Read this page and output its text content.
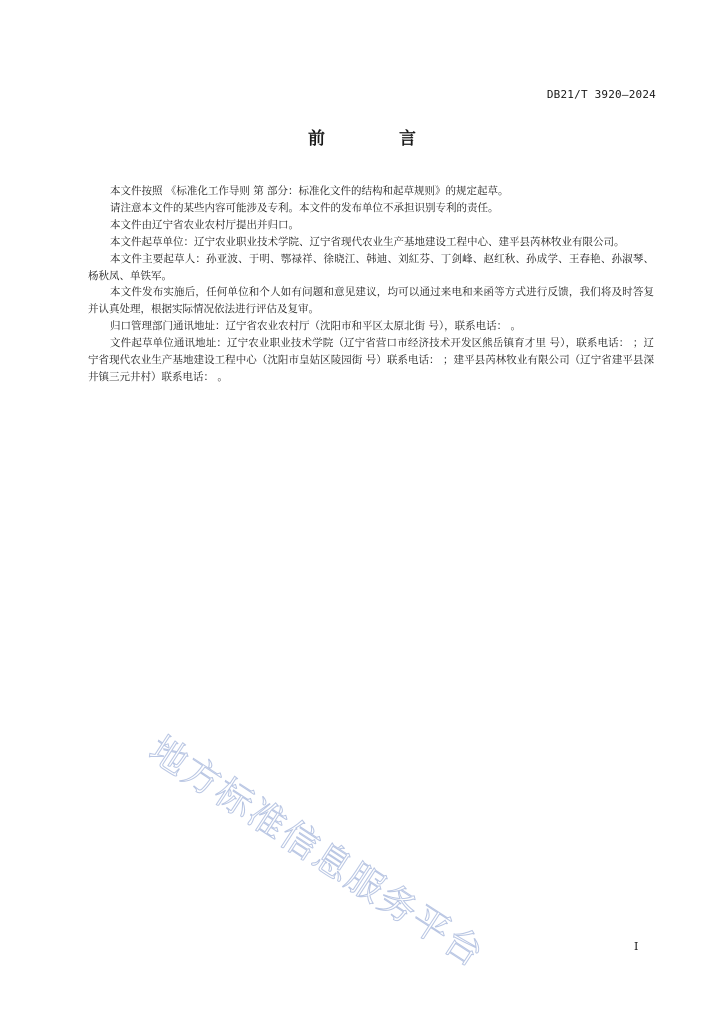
DB21/T 3920—2024
前 言

本文件按照 《标准化工作导则 第 部分：标准化文件的结构和起草规则》的规定起草。

请注意本文件的某些内容可能涉及专利。本文件的发布单位不承担识别专利的责任。

本文件由辽宁省农业农村厅提出并归口。

本文件起草单位：辽宁农业职业技术学院、辽宁省现代农业生产基地建设工程中心、建平县芮林牧业有限公司。

本文件主要起草人：孙亚波、于明、鄂禄祥、徐晓江、韩迪、刘紅芬、丁剑峰、赵红秋、孙成学、王春艳、孙淑琴、杨秋凤、单铁军。

本文件发布实施后，任何单位和个人如有问题和意见建议，均可以通过来电和来函等方式进行反馈，我们将及时答复并认真处理，根据实际情况依法进行评估及复审。

归口管理部门通讯地址：辽宁省农业农村厅（沈阳市和平区太原北街 号），联系电话： 。

文件起草单位通讯地址：辽宁农业职业技术学院（辽宁省营口市经济技术开发区熊岳镇育才里 号），联系电话： ；辽宁省现代农业生产基地建设工程中心（沈阳市皇姑区陵园街 号）联系电话： ；建平县芮林牧业有限公司（辽宁省建平县深井镇三元井村）联系电话： 。

地方标准信息服务平台	I
